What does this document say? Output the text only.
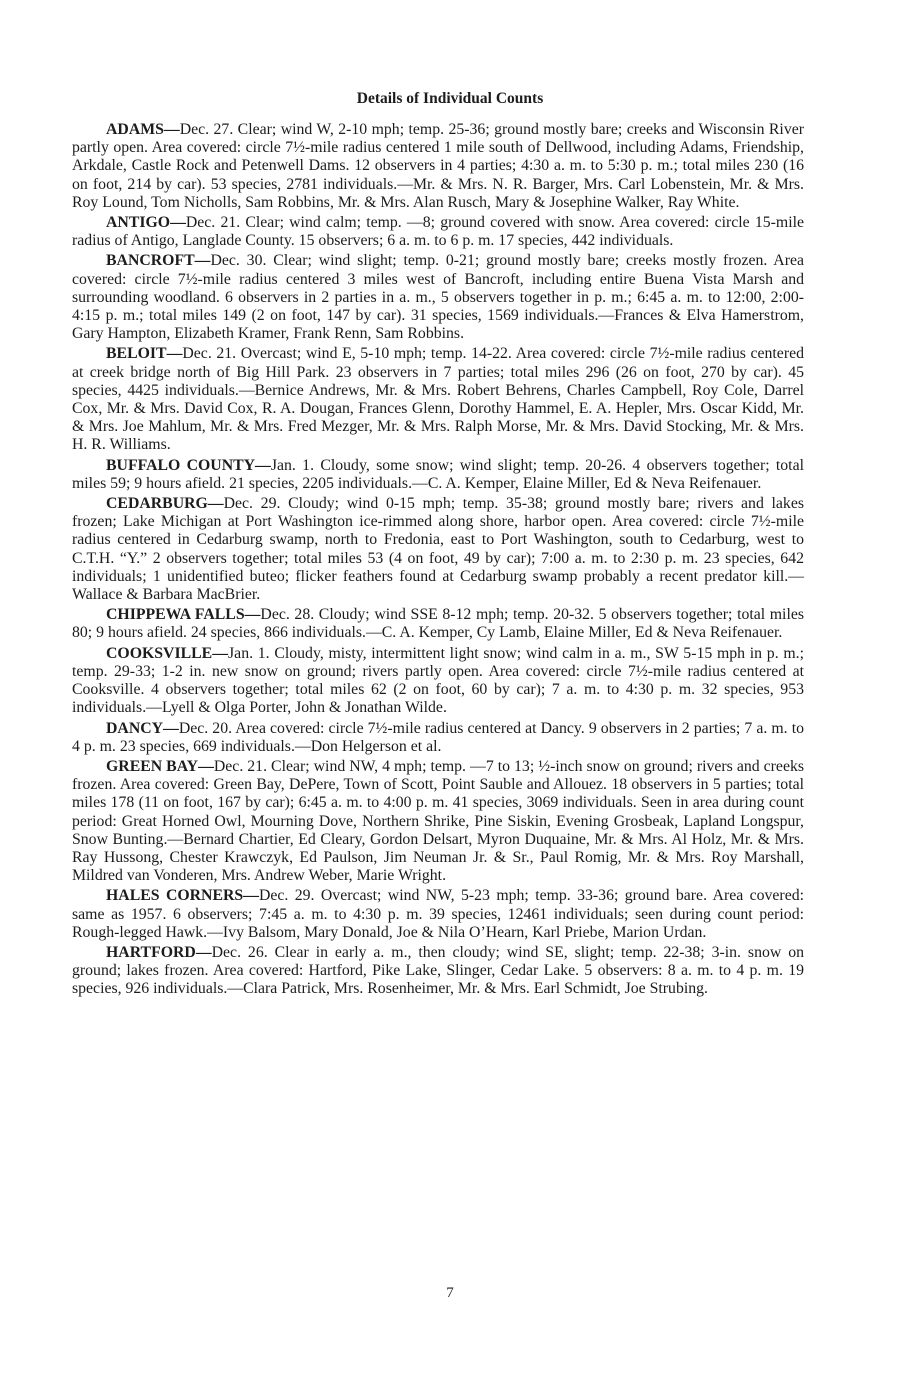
Details of Individual Counts

ADAMS—Dec. 27. Clear; wind W, 2-10 mph; temp. 25-36; ground mostly bare; creeks and Wisconsin River partly open. Area covered: circle 7½-mile radius centered 1 mile south of Dellwood, including Adams, Friendship, Arkdale, Castle Rock and Petenwell Dams. 12 observers in 4 parties; 4:30 a. m. to 5:30 p. m.; total miles 230 (16 on foot, 214 by car). 53 species, 2781 individuals.—Mr. & Mrs. N. R. Barger, Mrs. Carl Lobenstein, Mr. & Mrs. Roy Lound, Tom Nicholls, Sam Robbins, Mr. & Mrs. Alan Rusch, Mary & Josephine Walker, Ray White.

ANTIGO—Dec. 21. Clear; wind calm; temp. —8; ground covered with snow. Area covered: circle 15-mile radius of Antigo, Langlade County. 15 observers; 6 a. m. to 6 p. m. 17 species, 442 individuals.

BANCROFT—Dec. 30. Clear; wind slight; temp. 0-21; ground mostly bare; creeks mostly frozen. Area covered: circle 7½-mile radius centered 3 miles west of Bancroft, including entire Buena Vista Marsh and surrounding woodland. 6 observers in 2 parties in a. m., 5 observers together in p. m.; 6:45 a. m. to 12:00, 2:00-4:15 p. m.; total miles 149 (2 on foot, 147 by car). 31 species, 1569 individuals.—Frances & Elva Hamerstrom, Gary Hampton, Elizabeth Kramer, Frank Renn, Sam Robbins.

BELOIT—Dec. 21. Overcast; wind E, 5-10 mph; temp. 14-22. Area covered: circle 7½-mile radius centered at creek bridge north of Big Hill Park. 23 observers in 7 parties; total miles 296 (26 on foot, 270 by car). 45 species, 4425 individuals.—Bernice Andrews, Mr. & Mrs. Robert Behrens, Charles Campbell, Roy Cole, Darrel Cox, Mr. & Mrs. David Cox, R. A. Dougan, Frances Glenn, Dorothy Hammel, E. A. Hepler, Mrs. Oscar Kidd, Mr. & Mrs. Joe Mahlum, Mr. & Mrs. Fred Mezger, Mr. & Mrs. Ralph Morse, Mr. & Mrs. David Stocking, Mr. & Mrs. H. R. Williams.

BUFFALO COUNTY—Jan. 1. Cloudy, some snow; wind slight; temp. 20-26. 4 observers together; total miles 59; 9 hours afield. 21 species, 2205 individuals.—C. A. Kemper, Elaine Miller, Ed & Neva Reifenauer.

CEDARBURG—Dec. 29. Cloudy; wind 0-15 mph; temp. 35-38; ground mostly bare; rivers and lakes frozen; Lake Michigan at Port Washington ice-rimmed along shore, harbor open. Area covered: circle 7½-mile radius centered in Cedarburg swamp, north to Fredonia, east to Port Washington, south to Cedarburg, west to C.T.H. “Y.” 2 observers together; total miles 53 (4 on foot, 49 by car); 7:00 a. m. to 2:30 p. m. 23 species, 642 individuals; 1 unidentified buteo; flicker feathers found at Cedarburg swamp probably a recent predator kill.—Wallace & Barbara MacBrier.

CHIPPEWA FALLS—Dec. 28. Cloudy; wind SSE 8-12 mph; temp. 20-32. 5 observers together; total miles 80; 9 hours afield. 24 species, 866 individuals.—C. A. Kemper, Cy Lamb, Elaine Miller, Ed & Neva Reifenauer.

COOKSVILLE—Jan. 1. Cloudy, misty, intermittent light snow; wind calm in a. m., SW 5-15 mph in p. m.; temp. 29-33; 1-2 in. new snow on ground; rivers partly open. Area covered: circle 7½-mile radius centered at Cooksville. 4 observers together; total miles 62 (2 on foot, 60 by car); 7 a. m. to 4:30 p. m. 32 species, 953 individuals.—Lyell & Olga Porter, John & Jonathan Wilde.

DANCY—Dec. 20. Area covered: circle 7½-mile radius centered at Dancy. 9 observers in 2 parties; 7 a. m. to 4 p. m. 23 species, 669 individuals.—Don Helgerson et al.

GREEN BAY—Dec. 21. Clear; wind NW, 4 mph; temp. —7 to 13; ½-inch snow on ground; rivers and creeks frozen. Area covered: Green Bay, DePere, Town of Scott, Point Sauble and Allouez. 18 observers in 5 parties; total miles 178 (11 on foot, 167 by car); 6:45 a. m. to 4:00 p. m. 41 species, 3069 individuals. Seen in area during count period: Great Horned Owl, Mourning Dove, Northern Shrike, Pine Siskin, Evening Grosbeak, Lapland Longspur, Snow Bunting.—Bernard Chartier, Ed Cleary, Gordon Delsart, Myron Duquaine, Mr. & Mrs. Al Holz, Mr. & Mrs. Ray Hussong, Chester Krawczyk, Ed Paulson, Jim Neuman Jr. & Sr., Paul Romig, Mr. & Mrs. Roy Marshall, Mildred van Vonderen, Mrs. Andrew Weber, Marie Wright.

HALES CORNERS—Dec. 29. Overcast; wind NW, 5-23 mph; temp. 33-36; ground bare. Area covered: same as 1957. 6 observers; 7:45 a. m. to 4:30 p. m. 39 species, 12461 individuals; seen during count period: Rough-legged Hawk.—Ivy Balsom, Mary Donald, Joe & Nila O’Hearn, Karl Priebe, Marion Urdan.

HARTFORD—Dec. 26. Clear in early a. m., then cloudy; wind SE, slight; temp. 22-38; 3-in. snow on ground; lakes frozen. Area covered: Hartford, Pike Lake, Slinger, Cedar Lake. 5 observers: 8 a. m. to 4 p. m. 19 species, 926 individuals.—Clara Patrick, Mrs. Rosenheimer, Mr. & Mrs. Earl Schmidt, Joe Strubing.

7
